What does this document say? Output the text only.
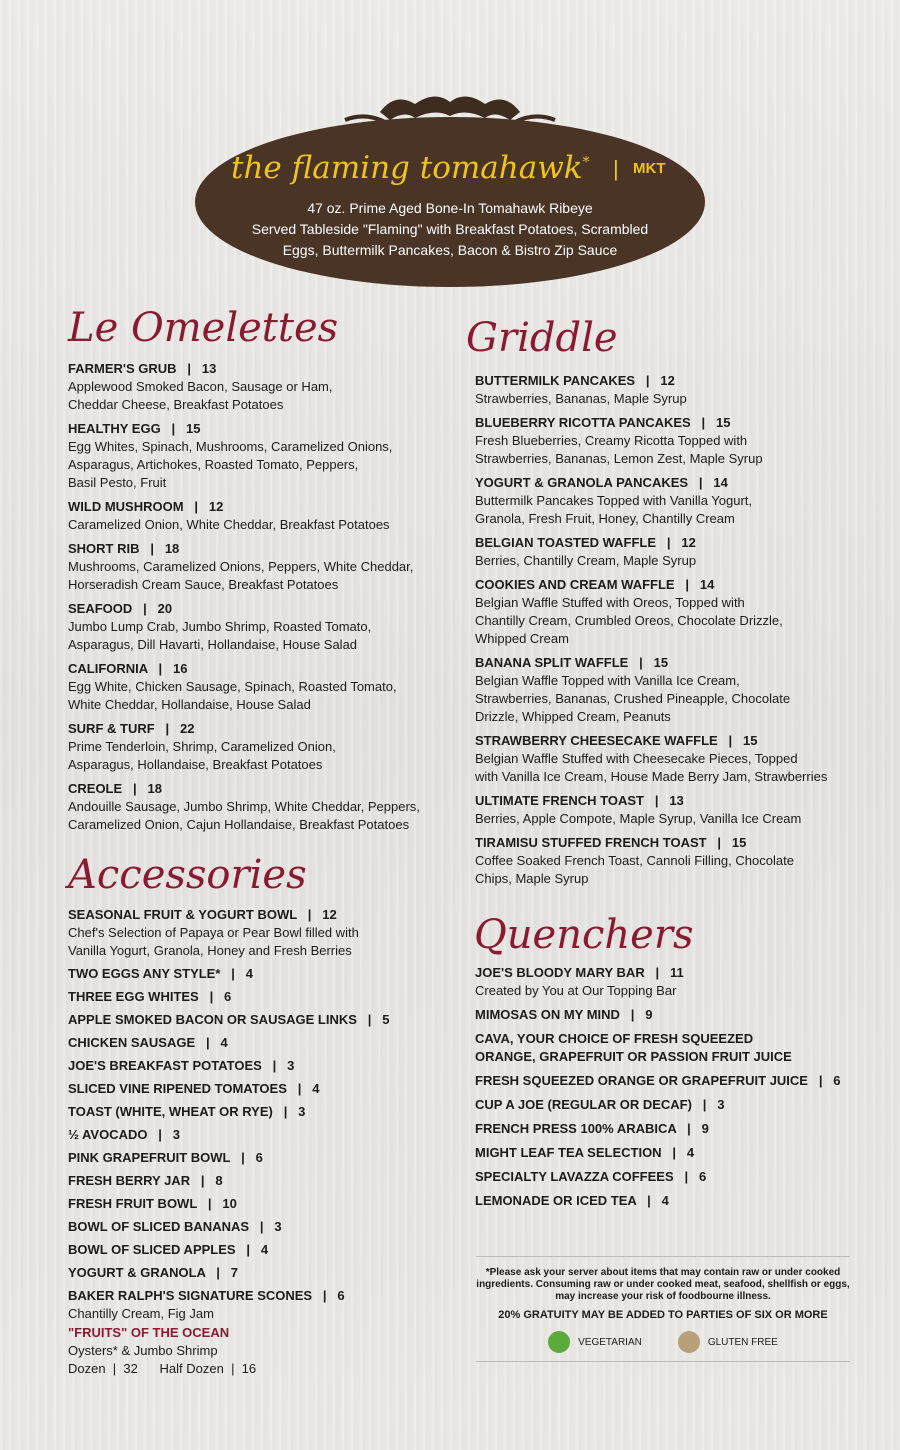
the flaming tomahawk* | MKT
47 oz. Prime Aged Bone-In Tomahawk Ribeye
Served Tableside "Flaming" with Breakfast Potatoes, Scrambled
Eggs, Buttermilk Pancakes, Bacon & Bistro Zip Sauce
Le Omelettes	Griddle
Accessories
Quenchers
FARMER'S GRUB   |   13
Applewood Smoked Bacon, Sausage or Ham,
Cheddar Cheese, Breakfast Potatoes
HEALTHY EGG   |   15
Egg Whites, Spinach, Mushrooms, Caramelized Onions,
Asparagus, Artichokes, Roasted Tomato, Peppers,
Basil Pesto, Fruit
WILD MUSHROOM   |   12
Caramelized Onion, White Cheddar, Breakfast Potatoes
SHORT RIB   |   18
Mushrooms, Caramelized Onions, Peppers, White Cheddar,
Horseradish Cream Sauce, Breakfast Potatoes
SEAFOOD   |   20
Jumbo Lump Crab, Jumbo Shrimp, Roasted Tomato,
Asparagus, Dill Havarti, Hollandaise, House Salad
CALIFORNIA   |   16
Egg White, Chicken Sausage, Spinach, Roasted Tomato,
White Cheddar, Hollandaise, House Salad
SURF & TURF   |   22
Prime Tenderloin, Shrimp, Caramelized Onion,
Asparagus, Hollandaise, Breakfast Potatoes
CREOLE   |   18
Andouille Sausage, Jumbo Shrimp, White Cheddar, Peppers,
Caramelized Onion, Cajun Hollandaise, Breakfast Potatoes
SEASONAL FRUIT & YOGURT BOWL   |   12
Chef's Selection of Papaya or Pear Bowl filled with
Vanilla Yogurt, Granola, Honey and Fresh Berries
TWO EGGS ANY STYLE*   |   4
THREE EGG WHITES   |   6
APPLE SMOKED BACON OR SAUSAGE LINKS   |   5
CHICKEN SAUSAGE   |   4
JOE'S BREAKFAST POTATOES   |   3
SLICED VINE RIPENED TOMATOES   |   4
TOAST (WHITE, WHEAT OR RYE)   |   3
½ AVOCADO   |   3
PINK GRAPEFRUIT BOWL   |   6
FRESH BERRY JAR   |   8
FRESH FRUIT BOWL   |   10
BOWL OF SLICED BANANAS   |   3
BOWL OF SLICED APPLES   |   4
YOGURT & GRANOLA   |   7
BAKER RALPH'S SIGNATURE SCONES   |   6
Chantilly Cream, Fig Jam
"FRUITS" OF THE OCEAN
Oysters* & Jumbo Shrimp
Dozen  |  32      Half Dozen  |  16
BUTTERMILK PANCAKES   |   12
Strawberries, Bananas, Maple Syrup
BLUEBERRY RICOTTA PANCAKES   |   15
Fresh Blueberries, Creamy Ricotta Topped with
Strawberries, Bananas, Lemon Zest, Maple Syrup
YOGURT & GRANOLA PANCAKES   |   14
Buttermilk Pancakes Topped with Vanilla Yogurt,
Granola, Fresh Fruit, Honey, Chantilly Cream
BELGIAN TOASTED WAFFLE   |   12
Berries, Chantilly Cream, Maple Syrup
COOKIES AND CREAM WAFFLE   |   14
Belgian Waffle Stuffed with Oreos, Topped with
Chantilly Cream, Crumbled Oreos, Chocolate Drizzle,
Whipped Cream
BANANA SPLIT WAFFLE   |   15
Belgian Waffle Topped with Vanilla Ice Cream,
Strawberries, Bananas, Crushed Pineapple, Chocolate
Drizzle, Whipped Cream, Peanuts
STRAWBERRY CHEESECAKE WAFFLE   |   15
Belgian Waffle Stuffed with Cheesecake Pieces, Topped
with Vanilla Ice Cream, House Made Berry Jam, Strawberries
ULTIMATE FRENCH TOAST   |   13
Berries, Apple Compote, Maple Syrup, Vanilla Ice Cream
TIRAMISU STUFFED FRENCH TOAST   |   15
Coffee Soaked French Toast, Cannoli Filling, Chocolate
Chips, Maple Syrup
JOE'S BLOODY MARY BAR   |   11
Created by You at Our Topping Bar
MIMOSAS ON MY MIND   |   9
CAVA, YOUR CHOICE OF FRESH SQUEEZED
ORANGE, GRAPEFRUIT OR PASSION FRUIT JUICE
FRESH SQUEEZED ORANGE OR GRAPEFRUIT JUICE   |   6
CUP A JOE (REGULAR OR DECAF)   |   3
FRENCH PRESS 100% ARABICA   |   9
MIGHT LEAF TEA SELECTION   |   4
SPECIALTY LAVAZZA COFFEES   |   6
LEMONADE OR ICED TEA   |   4
*Please ask your server about items that may contain raw or under cooked ingredients. Consuming raw or under cooked meat, seafood, shellfish or eggs, may increase your risk of foodbourne illness.
20% GRATUITY MAY BE ADDED TO PARTIES OF SIX OR MORE
VEGETARIAN	GLUTEN FREE
